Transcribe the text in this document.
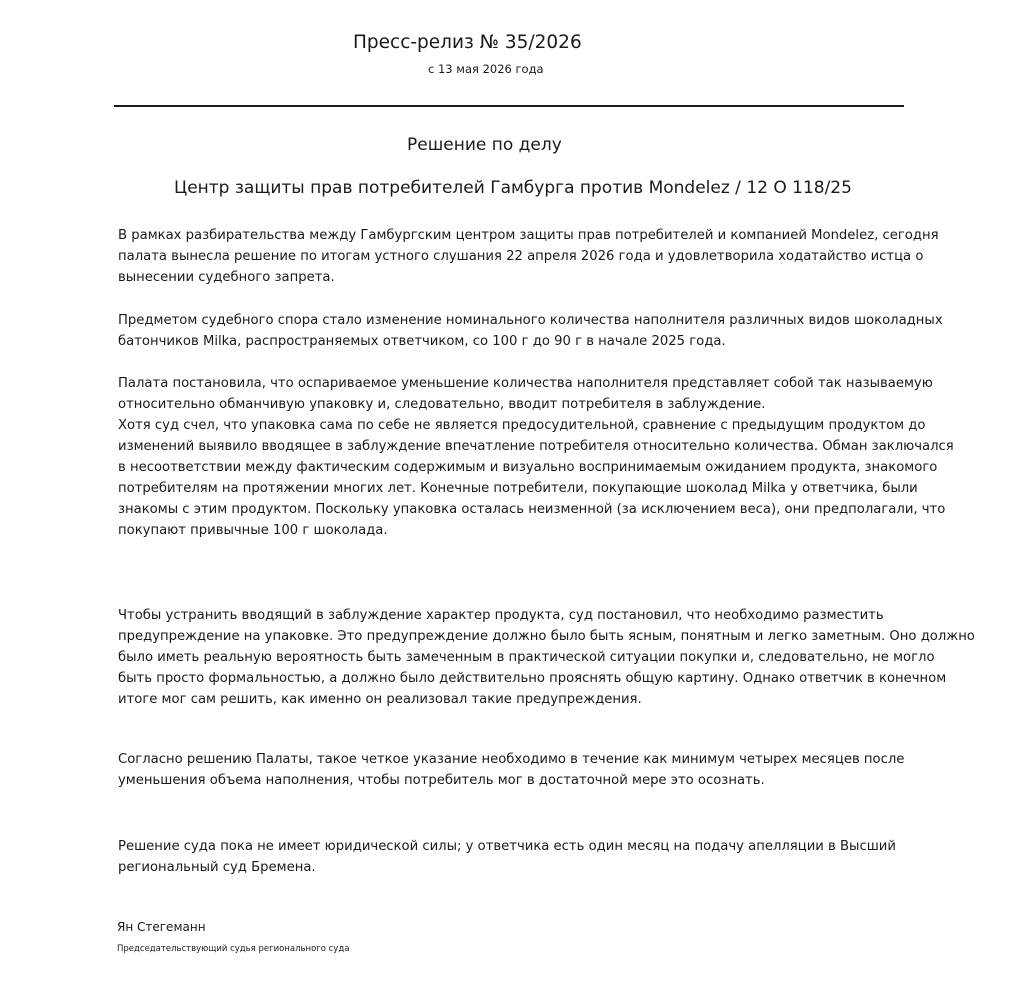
Пресс-релиз № 35/2026
с 13 мая 2026 года
Решение по делу
Центр защиты прав потребителей Гамбурга против Mondelez / 12 O 118/25

В рамках разбирательства между Гамбургским центром защиты прав потребителей и компанией Mondelez, сегодня
палата вынесла решение по итогам устного слушания 22 апреля 2026 года и удовлетворила ходатайство истца о
вынесении судебного запрета.

Предметом судебного спора стало изменение номинального количества наполнителя различных видов шоколадных
батончиков Milka, распространяемых ответчиком, со 100 г до 90 г в начале 2025 года.

Палата постановила, что оспариваемое уменьшение количества наполнителя представляет собой так называемую
относительно обманчивую упаковку и, следовательно, вводит потребителя в заблуждение.
Хотя суд счел, что упаковка сама по себе не является предосудительной, сравнение с предыдущим продуктом до
изменений выявило вводящее в заблуждение впечатление потребителя относительно количества. Обман заключался
в несоответствии между фактическим содержимым и визуально воспринимаемым ожиданием продукта, знакомого
потребителям на протяжении многих лет. Конечные потребители, покупающие шоколад Milka у ответчика, были
знакомы с этим продуктом. Поскольку упаковка осталась неизменной (за исключением веса), они предполагали, что
покупают привычные 100 г шоколада.

Чтобы устранить вводящий в заблуждение характер продукта, суд постановил, что необходимо разместить
предупреждение на упаковке. Это предупреждение должно было быть ясным, понятным и легко заметным. Оно должно
было иметь реальную вероятность быть замеченным в практической ситуации покупки и, следовательно, не могло
быть просто формальностью, а должно было действительно прояснять общую картину. Однако ответчик в конечном
итоге мог сам решить, как именно он реализовал такие предупреждения.

Согласно решению Палаты, такое четкое указание необходимо в течение как минимум четырех месяцев после
уменьшения объема наполнения, чтобы потребитель мог в достаточной мере это осознать.

Решение суда пока не имеет юридической силы; у ответчика есть один месяц на подачу апелляции в Высший
региональный суд Бремена.

Ян Стегеманн
Председательствующий судья регионального суда
